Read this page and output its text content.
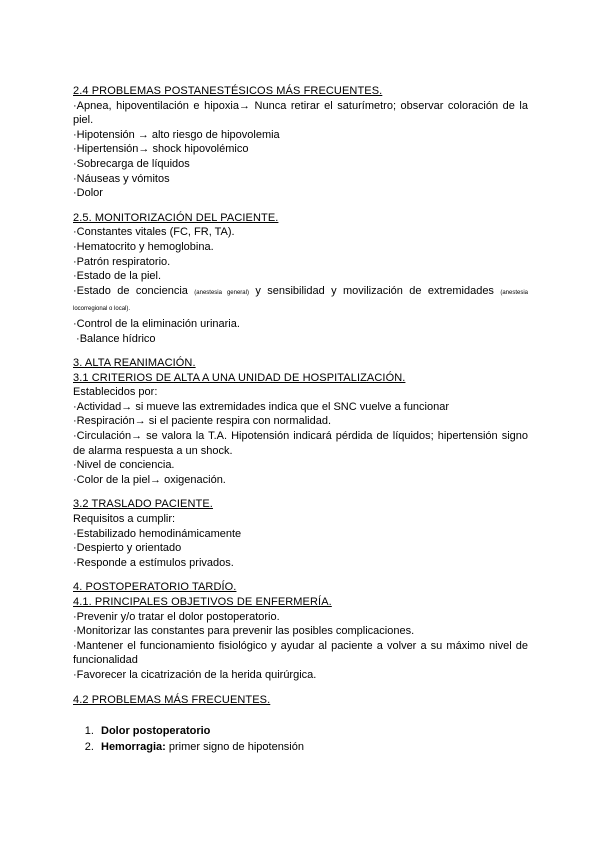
2.4 PROBLEMAS POSTANESTÉSICOS MÁS FRECUENTES.
·Apnea, hipoventilación e hipoxia→ Nunca retirar el saturímetro; observar coloración de la
piel.
·Hipotensión → alto riesgo de hipovolemia
·Hipertensión→ shock hipovolémico
·Sobrecarga de líquidos
·Náuseas y vómitos
·Dolor
2.5. MONITORIZACIÓN DEL PACIENTE.
·Constantes vitales (FC, FR, TA).
·Hematocrito y hemoglobina.
·Patrón respiratorio.
·Estado de la piel.
·Estado de conciencia (anestesia general) y sensibilidad y movilización de extremidades (anestesia
locorregional o local).
·Control de la eliminación urinaria.
·Balance hídrico
3. ALTA REANIMACIÓN.
3.1 CRITERIOS DE ALTA A UNA UNIDAD DE HOSPITALIZACIÓN.
Establecidos por:
·Actividad→ si mueve las extremidades indica que el SNC vuelve a funcionar
·Respiración→ si el paciente respira con normalidad.
·Circulación→ se valora la T.A. Hipotensión indicará pérdida de líquidos; hipertensión signo
de alarma respuesta a un shock.
·Nivel de conciencia.
·Color de la piel→ oxigenación.
3.2 TRASLADO PACIENTE.
Requisitos a cumplir:
·Estabilizado hemodinámicamente
·Despierto y orientado
·Responde a estímulos privados.
4. POSTOPERATORIO TARDÍO.
4.1. PRINCIPALES OBJETIVOS DE ENFERMERÍA.
·Prevenir y/o tratar el dolor postoperatorio.
·Monitorizar las constantes para prevenir las posibles complicaciones.
·Mantener el funcionamiento fisiológico y ayudar al paciente a volver a su máximo nivel de
funcionalidad
·Favorecer la cicatrización de la herida quirúrgica.
4.2 PROBLEMAS MÁS FRECUENTES.
1. Dolor postoperatorio
2. Hemorragia: primer signo de hipotensión
